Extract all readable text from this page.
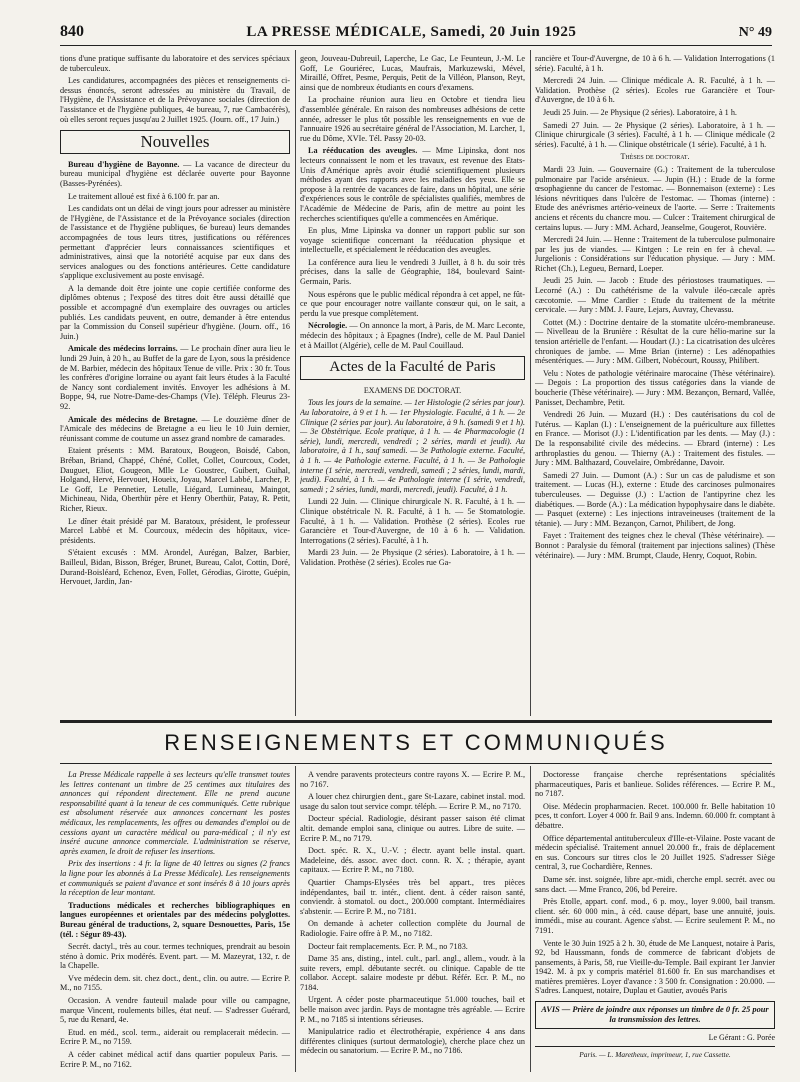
840	LA PRESSE MÉDICALE, Samedi, 20 Juin 1925	N° 49

tions d'une pratique suffisante du laboratoire et des services spéciaux de tuberculeux.

Les candidatures, accompagnées des pièces et renseignements ci-dessus énoncés, seront adressées au ministère du Travail, de l'Hygiène, de l'Assistance et de la Prévoyance sociales (direction de l'assistance et de l'hygiène publiques, 4e bureau, 7, rue Cambacérès), où elles seront reçues jusqu'au 2 Juillet 1925. (Journ. off., 17 Juin.)

Nouvelles

Bureau d'hygiène de Bayonne. — La vacance de directeur du bureau municipal d'hygiène est déclarée ouverte pour Bayonne (Basses-Pyrénées).

Le traitement alloué est fixé à 6.100 fr. par an.

Les candidats ont un délai de vingt jours pour adresser au ministère de l'Hygiène, de l'Assistance et de la Prévoyance sociales (direction de l'assistance et de l'hygiène publiques, 6e bureau) leurs demandes accompagnées de tous leurs titres, justifications ou références permettant d'apprécier leurs connaissances scientifiques et administratives, ainsi que la notoriété acquise par eux dans des services analogues ou des fonctions antérieures. Cette candidature s'applique exclusivement au poste envisagé.

A la demande doit être jointe une copie certifiée conforme des diplômes obtenus ; l'exposé des titres doit être aussi détaillé que possible et accompagné d'un exemplaire des ouvrages ou articles publiés. Les candidats peuvent, en outre, demander à être entendus par la Commission du Conseil supérieur d'hygiène. (Journ. off., 16 Juin.)

Amicale des médecins lorrains. — Le prochain dîner aura lieu le lundi 29 Juin, à 20 h., au Buffet de la gare de Lyon, sous la présidence de M. Barbier, médecin des hôpitaux Tenue de ville. Prix : 30 fr. Tous les confrères d'origine lorraine ou ayant fait leurs études à la Faculté de Nancy sont cordialement invités. Envoyer les adhésions à M. Boppe, 94, rue Notre-Dame-des-Champs (VIe). Téléph. Fleurus 23-92.

Amicale des médecins de Bretagne. — Le douzième dîner de l'Amicale des médecins de Bretagne a eu lieu le 10 Juin dernier, réunissant comme de coutume un assez grand nombre de camarades.

Etaient présents : MM. Baratoux, Bougeon, Boisdé, Cabon, Bréban, Briand, Chappé, Chéné, Collet, Collet, Courcoux, Codet, Dauguet, Eliot, Gougeon, Mlle Le Goustrec, Guibert, Guihal, Holgand, Hervé, Hervouet, Houeix, Joyau, Marcel Labbé, Larcher, P. Le Goff, Le Pennetier, Letulle, Liégard, Lumineau, Maingot, Michineau, Nida, Oberthür père et Henry Oberthür, Patay, R. Petit, Richer, Rieux.

Le dîner était présidé par M. Baratoux, président, le professeur Marcel Labbé et M. Courcoux, médecin des hôpitaux, vice-présidents.

S'étaient excusés : MM. Arondel, Aurégan, Balzer, Barbier, Bailleul, Bidan, Bisson, Bréger, Brunet, Bureau, Calot, Cottin, Doré, Durand-Boisléard, Echenoz, Even, Follet, Gérodias, Girotte, Guépin, Hervouet, Jardin, Jan-

geon, Jouveau-Dubreuil, Laperche, Le Gac, Le Feunteun, J.-M. Le Goff, Le Gouriérec, Lucas, Maufrais, Markuzewski, Mével, Miraillé, Offret, Pesme, Perquis, Petit de la Villéon, Planson, Reyt, ainsi que de nombreux étudiants en cours d'examens.

La prochaine réunion aura lieu en Octobre et tiendra lieu d'assemblée générale. En raison des nombreuses adhésions de cette année, adresser le plus tôt possible les renseignements en vue de l'annuaire 1926 au secrétaire général de l'Association, M. Larcher, 1, rue du Dôme, XVIe. Tél. Passy 20-03.

La rééducation des aveugles. — Mme Lipinska, dont nos lecteurs connaissent le nom et les travaux, est revenue des Etats-Unis d'Amérique après avoir étudié scientifiquement plusieurs méthodes ayant des rapports avec les maladies des yeux. Elle se propose à la rentrée de vacances de faire, dans un hôpital, une série d'expériences sous le contrôle de spécialistes qualifiés, membres de l'Académie de Médecine de Paris, afin de mettre au point les recherches scientifiques qu'elle a commencées en Amérique.

En plus, Mme Lipinska va donner un rapport public sur son voyage scientifique concernant la rééducation physique et intellectuelle, et spécialement le rééducation des aveugles.

La conférence aura lieu le vendredi 3 Juillet, à 8 h. du soir très précises, dans la salle de Géographie, 184, boulevard Saint-Germain, Paris.

Nous espérons que le public médical répondra à cet appel, ne fût-ce que pour encourager notre vaillante consœur qui, on le sait, a perdu la vue presque complètement.

Nécrologie. — On annonce la mort, à Paris, de M. Marc Leconte, médecin des hôpitaux ; à Epagnes (Indre), celle de M. Paul Daniel et à Maillot (Algérie), celle de M. Paul Couillaud.

Actes de la Faculté de Paris

EXAMENS DE DOCTORAT.

Tous les jours de la semaine. — 1er Histologie (2 séries par jour). Au laboratoire, à 9 et 1 h. — 1er Physiologie. Faculté, à 1 h. — 2e Clinique (2 séries par jour). Au laboratoire, à 9 h. (samedi 9 et 1 h). — 3e Obstétrique. Ecole pratique, à 1 h. — 4e Pharmacologie (1 série), lundi, mercredi, vendredi ; 2 séries, mardi et jeudi). Au laboratoire, à 1 h., sauf samedi. — 3e Pathologie externe. Faculté, à 1 h. — 4e Pathologie externe. Faculté, à 1 h. — 3e Pathologie interne (1 série, mercredi, vendredi, samedi ; 2 séries, lundi, mardi, jeudi). Faculté, à 1 h. — 4e Pathologie interne (1 série, vendredi, samedi ; 2 séries, lundi, mardi, mercredi, jeudi). Faculté, à 1 h.

Lundi 22 Juin. — Clinique chirurgicale N. R. Faculté, à 1 h. — Clinique obstétricale N. R. Faculté, à 1 h. — 5e Stomatologie. Faculté, à 1 h. — Validation. Prothèse (2 séries). Ecoles rue Garancière et Tour-d'Auvergne, de 10 à 6 h. — Validation. Interrogations (2 séries). Faculté, à 1 h.

Mardi 23 Juin. — 2e Physique (2 séries). Laboratoire, à 1 h. — Validation. Prothèse (2 séries). Ecoles rue Ga-

rancière et Tour-d'Auvergne, de 10 à 6 h. — Validation Interrogations (1 série). Faculté, à 1 h.

Mercredi 24 Juin. — Clinique médicale A. R. Faculté, à 1 h. — Validation. Prothèse (2 séries). Ecoles rue Garancière et Tour-d'Auvergne, de 10 à 6 h.

Jeudi 25 Juin. — 2e Physique (2 séries). Laboratoire, à 1 h.

Samedi 27 Juin. — 2e Physique (2 séries). Laboratoire, à 1 h. — Clinique chirurgicale (3 séries). Faculté, à 1 h. — Clinique médicale (2 séries). Faculté, à 1 h. — Clinique obstétricale (1 série). Faculté, à 1 h.

Thèses de doctorat.

Mardi 23 Juin. — Gouvernaire (G.) : Traitement de la tuberculose pulmonaire par l'acide arsénieux. — Jupin (H.) : Etude de la forme œsophagienne du cancer de l'estomac. — Bonnemaison (externe) : Les lésions névritiques dans l'ulcère de l'estomac. — Thomas (interne) : Etude des anévrismes artério-veineux de l'aorte. — Serre : Traitements anciens et récents du chancre mou. — Culcer : Traitement chirurgical de certains lupus. — Jury : MM. Achard, Jeanselme, Gougerot, Rouvière.

Mercredi 24 Juin. — Henne : Traitement de la tuberculose pulmonaire par les jus de viandes. — Kintgen : Le rein en fer à cheval. — Jurgelionis : Considérations sur l'éducation physique. — Jury : MM. Richet (Ch.), Legueu, Bernard, Loeper.

Jeudi 25 Juin. — Jacob : Etude des périostoses traumatiques. — Lecorné (A.) : Du cathétérisme de la valvule iléo-cæcale après cæcotomie. — Mme Cardier : Etude du traitement de la métrite cervicale. — Jury : MM. J. Faure, Lejars, Auvray, Chevassu.

Cottet (M.) : Doctrine dentaire de la stomatite ulcéro-membraneuse. — Nivelleau de la Brunière : Résultat de la cure hélio-marine sur la tension artérielle de l'enfant. — Houdart (J.) : La cicatrisation des ulcères chroniques de jambe. — Mme Brian (interne) : Les adénopathies mésentériques. — Jury : MM. Gilbert, Nobécourt, Roussy, Philibert.

Velu : Notes de pathologie vétérinaire marocaine (Thèse vétérinaire). — Degois : La proportion des tissus catégories dans la viande de boucherie (Thèse vétérinaire). — Jury : MM. Bezançon, Bernard, Vallée, Panisset, Dechambre, Petit.

Vendredi 26 Juin. — Muzard (H.) : Des cautérisations du col de l'utérus. — Kaplan (I.) : L'enseignement de la puériculture aux fillettes en France. — Morisot (J.) : L'identification par les dents. — May (J.) : De la responsabilité civile des médecins. — Ebrard (interne) : Les arthroplasties du genou. — Thierny (A.) : Traitement des fistules. — Jury : MM. Balthazard, Couvelaire, Ombrédanne, Davoir.

Samedi 27 Juin. — Dumont (A.) : Sur un cas de paludisme et son traitement. — Lucas (H.), externe : Etude des carcinoses pulmonaires tuberculeuses. — Deguisse (J.) : L'action de l'antipyrine chez les diabétiques. — Borde (A.) : La médication hypophysaire dans le diabète. — Pasquet (externe) : Les injections intraveineuses (traitement de la tétanie). — Jury : MM. Bezançon, Carnot, Philibert, de Jong.

Fayet : Traitement des teignes chez le cheval (Thèse vétérinaire). — Bonnot : Paralysie du fémoral (traitement par injections salines) (Thèse vétérinaire). — Jury : MM. Brumpt, Claude, Henry, Coquot, Robin.

RENSEIGNEMENTS ET COMMUNIQUÉS

La Presse Médicale rappelle à ses lecteurs qu'elle transmet toutes les lettres contenant un timbre de 25 centimes aux titulaires des annonces qui répondent directement. Elle ne prend aucune responsabilité quant à la teneur de ces communiqués. Cette rubrique est absolument réservée aux annonces concernant les postes médicaux, les remplacements, les offres ou demandes d'emploi ou de cessions ayant un caractère médical ou para-médical ; il n'y est inséré aucune annonce commerciale. L'administration se réserve, après examen, le droit de refuser les insertions.

Prix des insertions : 4 fr. la ligne de 40 lettres ou signes (2 francs la ligne pour les abonnés à La Presse Médicale). Les renseignements et communiqués se paient d'avance et sont insérés 8 à 10 jours après la réception de leur montant.

Traductions médicales et recherches bibliographiques en langues européennes et orientales par des médecins polyglottes. Bureau général de traductions, 2, square Desnouettes, Paris, 15e (tél. : Ségur 89-43).

Secrét. dactyl., très au cour. termes techniques, prendrait au besoin sténo à domic. Prix modérés. Event. part. — M. Mazeyrat, 132, r. de la Chapelle.

Vve médecin dem. sit. chez doct., dent., clin. ou autre. — Ecrire P. M., no 7155.

Occasion. A vendre fauteuil malade pour ville ou campagne, marque Vincent, roulements billes, état neuf. — S'adresser Guérard, 5, rue du Renard, 4e.

Etud. en méd., scol. term., aiderait ou remplacerait médecin. — Ecrire P. M., no 7159.

A céder cabinet médical actif dans quartier populeux Paris. — Ecrire P. M., no 7162.

A vendre paravents protecteurs contre rayons X. — Ecrire P. M., no 7167.

A louer chez chirurgien dent., gare St-Lazare, cabinet instal. mod. usage du salon tout service compr. téléph. — Ecrire P. M., no 7170.

Docteur spécial. Radiologie, désirant passer saison été climat altit. demande emploi sana, clinique ou autres. Libre de suite. — Ecrire P. M., no 7179.

Doct. spéc. R. X., U.-V. ; électr. ayant belle instal. quart. Madeleine, dés. assoc. avec doct. conn. R. X. ; thérapie, ayant capitaux. — Ecrire P. M., no 7180.

Quartier Champs-Elysées très bel appart., tres pièces indépendantes, bail tr. intér., client. dent. à céder raison santé, conviendr. à stomatol. ou doct., 200.000 comptant. Intermédiaires s'abstenir. — Ecrire P. M., no 7181.

On demande à acheter collection complète du Journal de Radiologie. Faire offre à P. M., no 7182.

Docteur fait remplacements. Ecr. P. M., no 7183.

Dame 35 ans, disting., intel. cult., parl. angl., allem., voudr. à la suite revers, empl. débutante secrét. ou clinique. Capable de tte collabor. Accept. salaire modeste pr début. Référ. Ecr. P. M., no 7184.

Urgent. A céder poste pharmaceutique 51.000 touches, bail et belle maison avec jardin. Pays de montagne très agréable. — Ecrire P. M., no 7185 si intentions sérieuses.

Manipulatrice radio et électrothérapie, expérience 4 ans dans différentes cliniques (surtout dermatologie), cherche place chez un médecin ou sanatorium. — Ecrire P. M., no 7186.

Doctoresse française cherche représentations spécialités pharmaceutiques, Paris et banlieue. Solides références. — Ecrire P. M., no 7187.

Oise. Médecin propharmacien. Recet. 100.000 fr. Belle habitation 10 pces, tt confort. Loyer 4 000 fr. Bail 9 ans. Indemn. 60.000 fr. comptant à débattre.

Office départemental antituberculeux d'Ille-et-Vilaine. Poste vacant de médecin spécialisé. Traitement annuel 20.000 fr., frais de déplacement en sus. Concours sur titres clos le 20 Juillet 1925. S'adresser Siège central, 3, rue Cochardière, Rennes.

Dame sér. inst. soignée, libre apr.-midi, cherche empl. secrét. avec ou sans dact. — Mme Franco, 206, bd Pereire.

Près Etolle, appart. conf. mod., 6 p. moy., loyer 9.000, bail transm. client. sér. 60 000 min., à céd. cause départ, base une annuité, jouis. immédi., mise au courant. Agence s'abst. — Ecrire seulement P. M., no 7191.

Vente le 30 Juin 1925 à 2 h. 30, étude de Me Lanquest, notaire à Paris, 92, bd Haussmann, fonds de commerce de fabricant d'objets de pansements, à Paris, 58, rue Vieille-du-Temple. Bail expirant 1er Janvier 1942. M. à px y compris matériel 81.600 fr. En sus marchandises et matières premières. Loyer d'avance : 3 500 fr. Consignation : 20.000. — S'adres. Lanquest, notaire, Duplau et Gautier, avoués Paris

AVIS — Prière de joindre aux réponses un timbre de 0 fr. 25 pour la transmission des lettres.
Le Gérant : G. Porée
Paris. — L. Maretheux, imprimeur, 1, rue Cassette.
